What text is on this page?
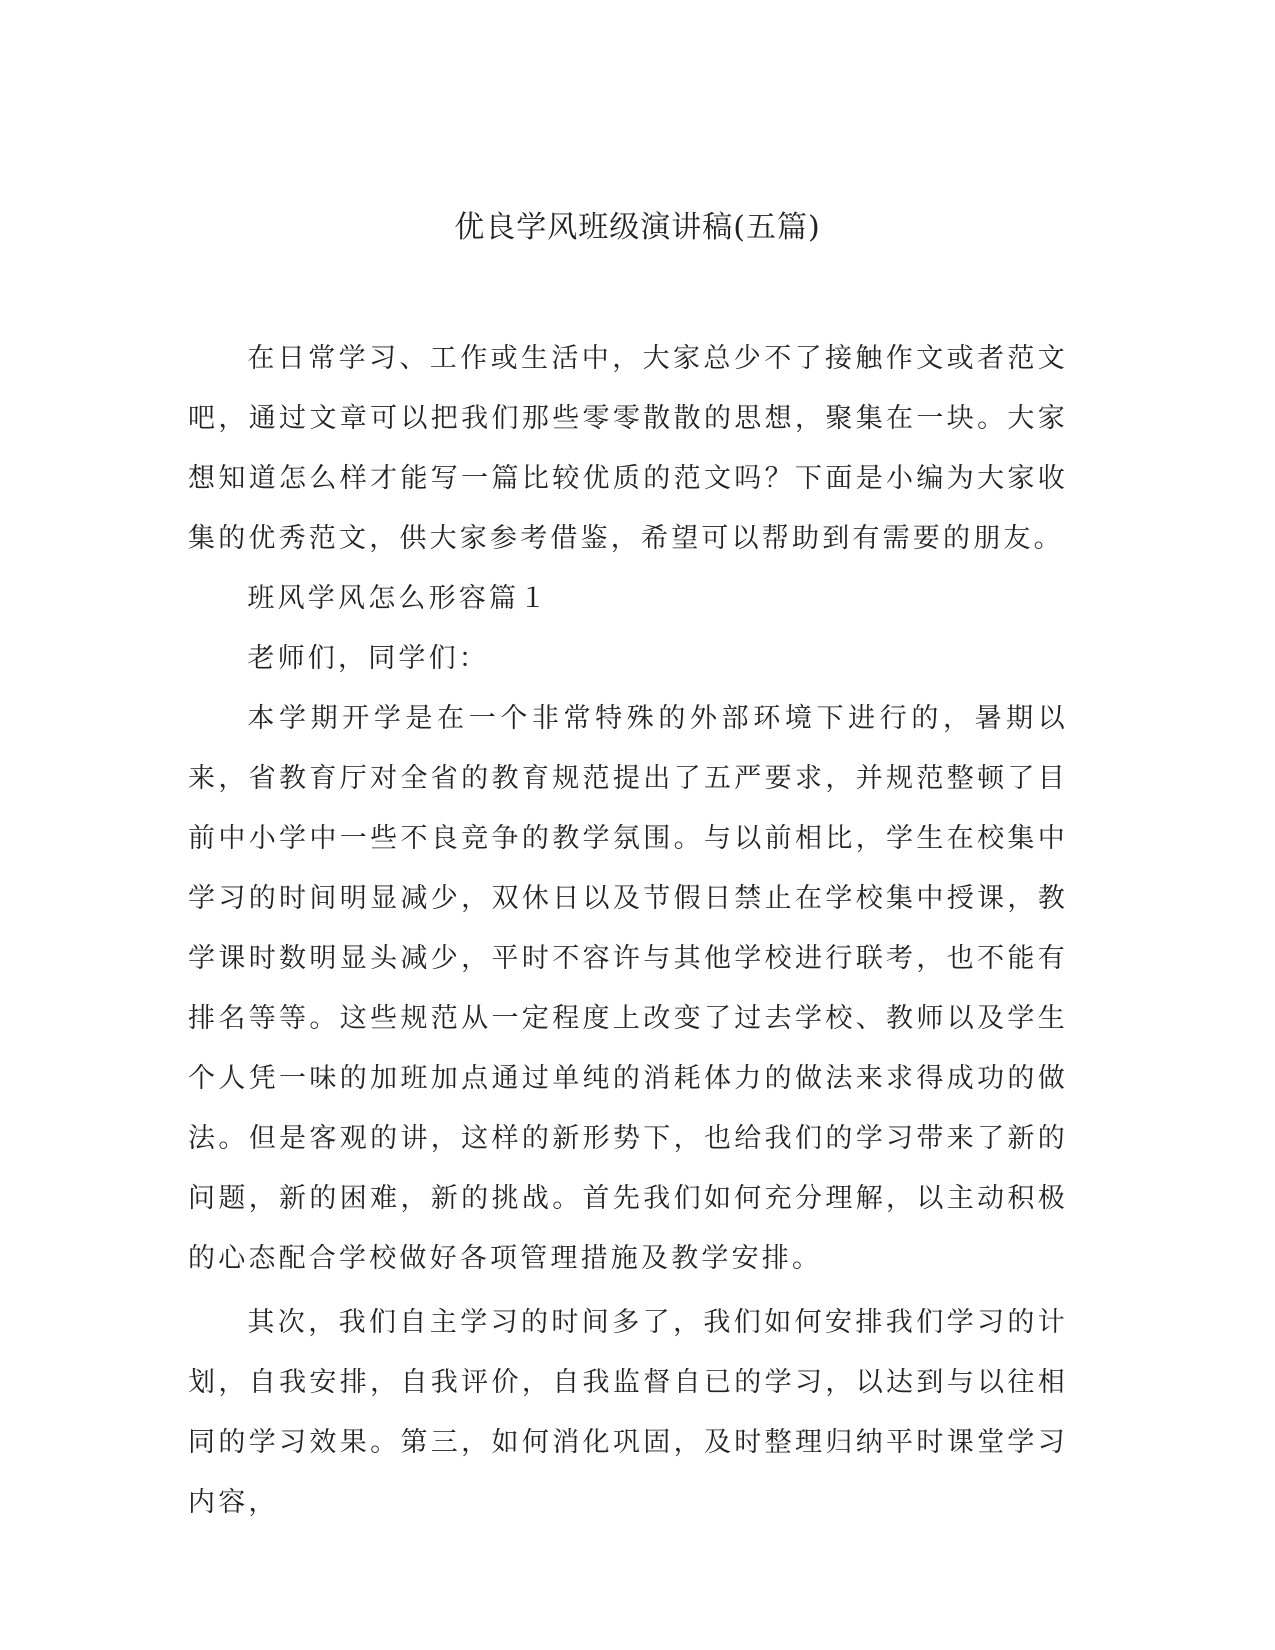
优良学风班级演讲稿(五篇)

在日常学习、工作或生活中，大家总少不了接触作文或者范文吧，通过文章可以把我们那些零零散散的思想，聚集在一块。大家想知道怎么样才能写一篇比较优质的范文吗？下面是小编为大家收集的优秀范文，供大家参考借鉴，希望可以帮助到有需要的朋友。

班风学风怎么形容篇１

老师们，同学们：

本学期开学是在一个非常特殊的外部环境下进行的，暑期以来，省教育厅对全省的教育规范提出了五严要求，并规范整顿了目前中小学中一些不良竞争的教学氛围。与以前相比，学生在校集中学习的时间明显减少，双休日以及节假日禁止在学校集中授课，教学课时数明显头减少，平时不容许与其他学校进行联考，也不能有排名等等。这些规范从一定程度上改变了过去学校、教师以及学生个人凭一味的加班加点通过单纯的消耗体力的做法来求得成功的做法。但是客观的讲，这样的新形势下，也给我们的学习带来了新的问题，新的困难，新的挑战。首先我们如何充分理解，以主动积极的心态配合学校做好各项管理措施及教学安排。

其次，我们自主学习的时间多了，我们如何安排我们学习的计划，自我安排，自我评价，自我监督自已的学习，以达到与以往相同的学习效果。第三，如何消化巩固，及时整理归纳平时课堂学习内容，
